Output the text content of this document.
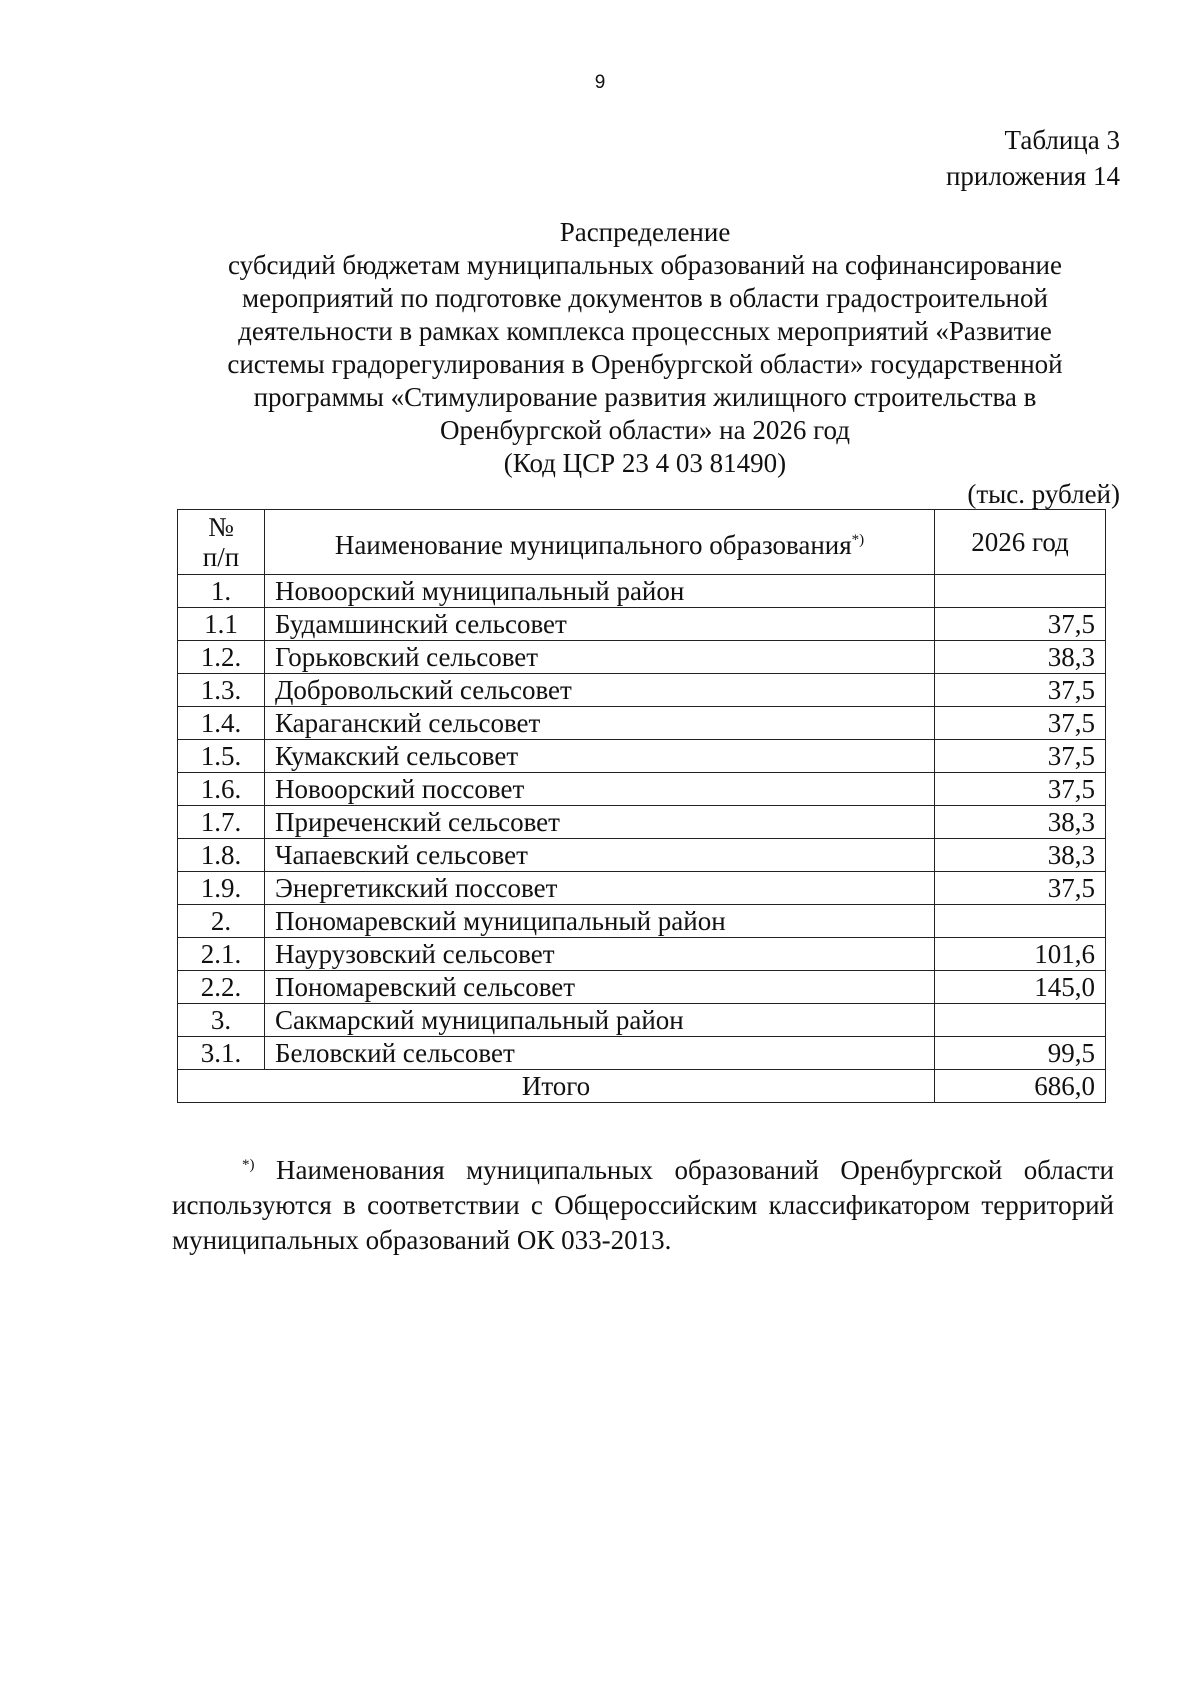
9
Таблица 3
приложения 14
Распределение
субсидий бюджетам муниципальных образований на софинансирование
мероприятий по подготовке документов в области градостроительной
деятельности в рамках комплекса процессных мероприятий «Развитие
системы градорегулирования в Оренбургской области» государственной
программы «Стимулирование развития жилищного строительства в
Оренбургской области» на 2026 год
(Код ЦСР 23 4 03 81490)
(тыс. рублей)
№
п/п	Наименование муниципального образования*)	2026 год
1.	Новоорский муниципальный район	
1.1	Будамшинский сельсовет	37,5
1.2.	Горьковский сельсовет	38,3
1.3.	Добровольский сельсовет	37,5
1.4.	Караганский сельсовет	37,5
1.5.	Кумакский сельсовет	37,5
1.6.	Новоорский поссовет	37,5
1.7.	Приреченский сельсовет	38,3
1.8.	Чапаевский сельсовет	38,3
1.9.	Энергетикский поссовет	37,5
2.	Пономаревский муниципальный район	
2.1.	Наурузовский сельсовет	101,6
2.2.	Пономаревский сельсовет	145,0
3.	Сакмарский муниципальный район	
3.1.	Беловский сельсовет	99,5
Итого		686,0

*) Наименования муниципальных образований Оренбургской области используются в соответствии с Общероссийским классификатором территорий муниципальных образований ОК 033-2013.
